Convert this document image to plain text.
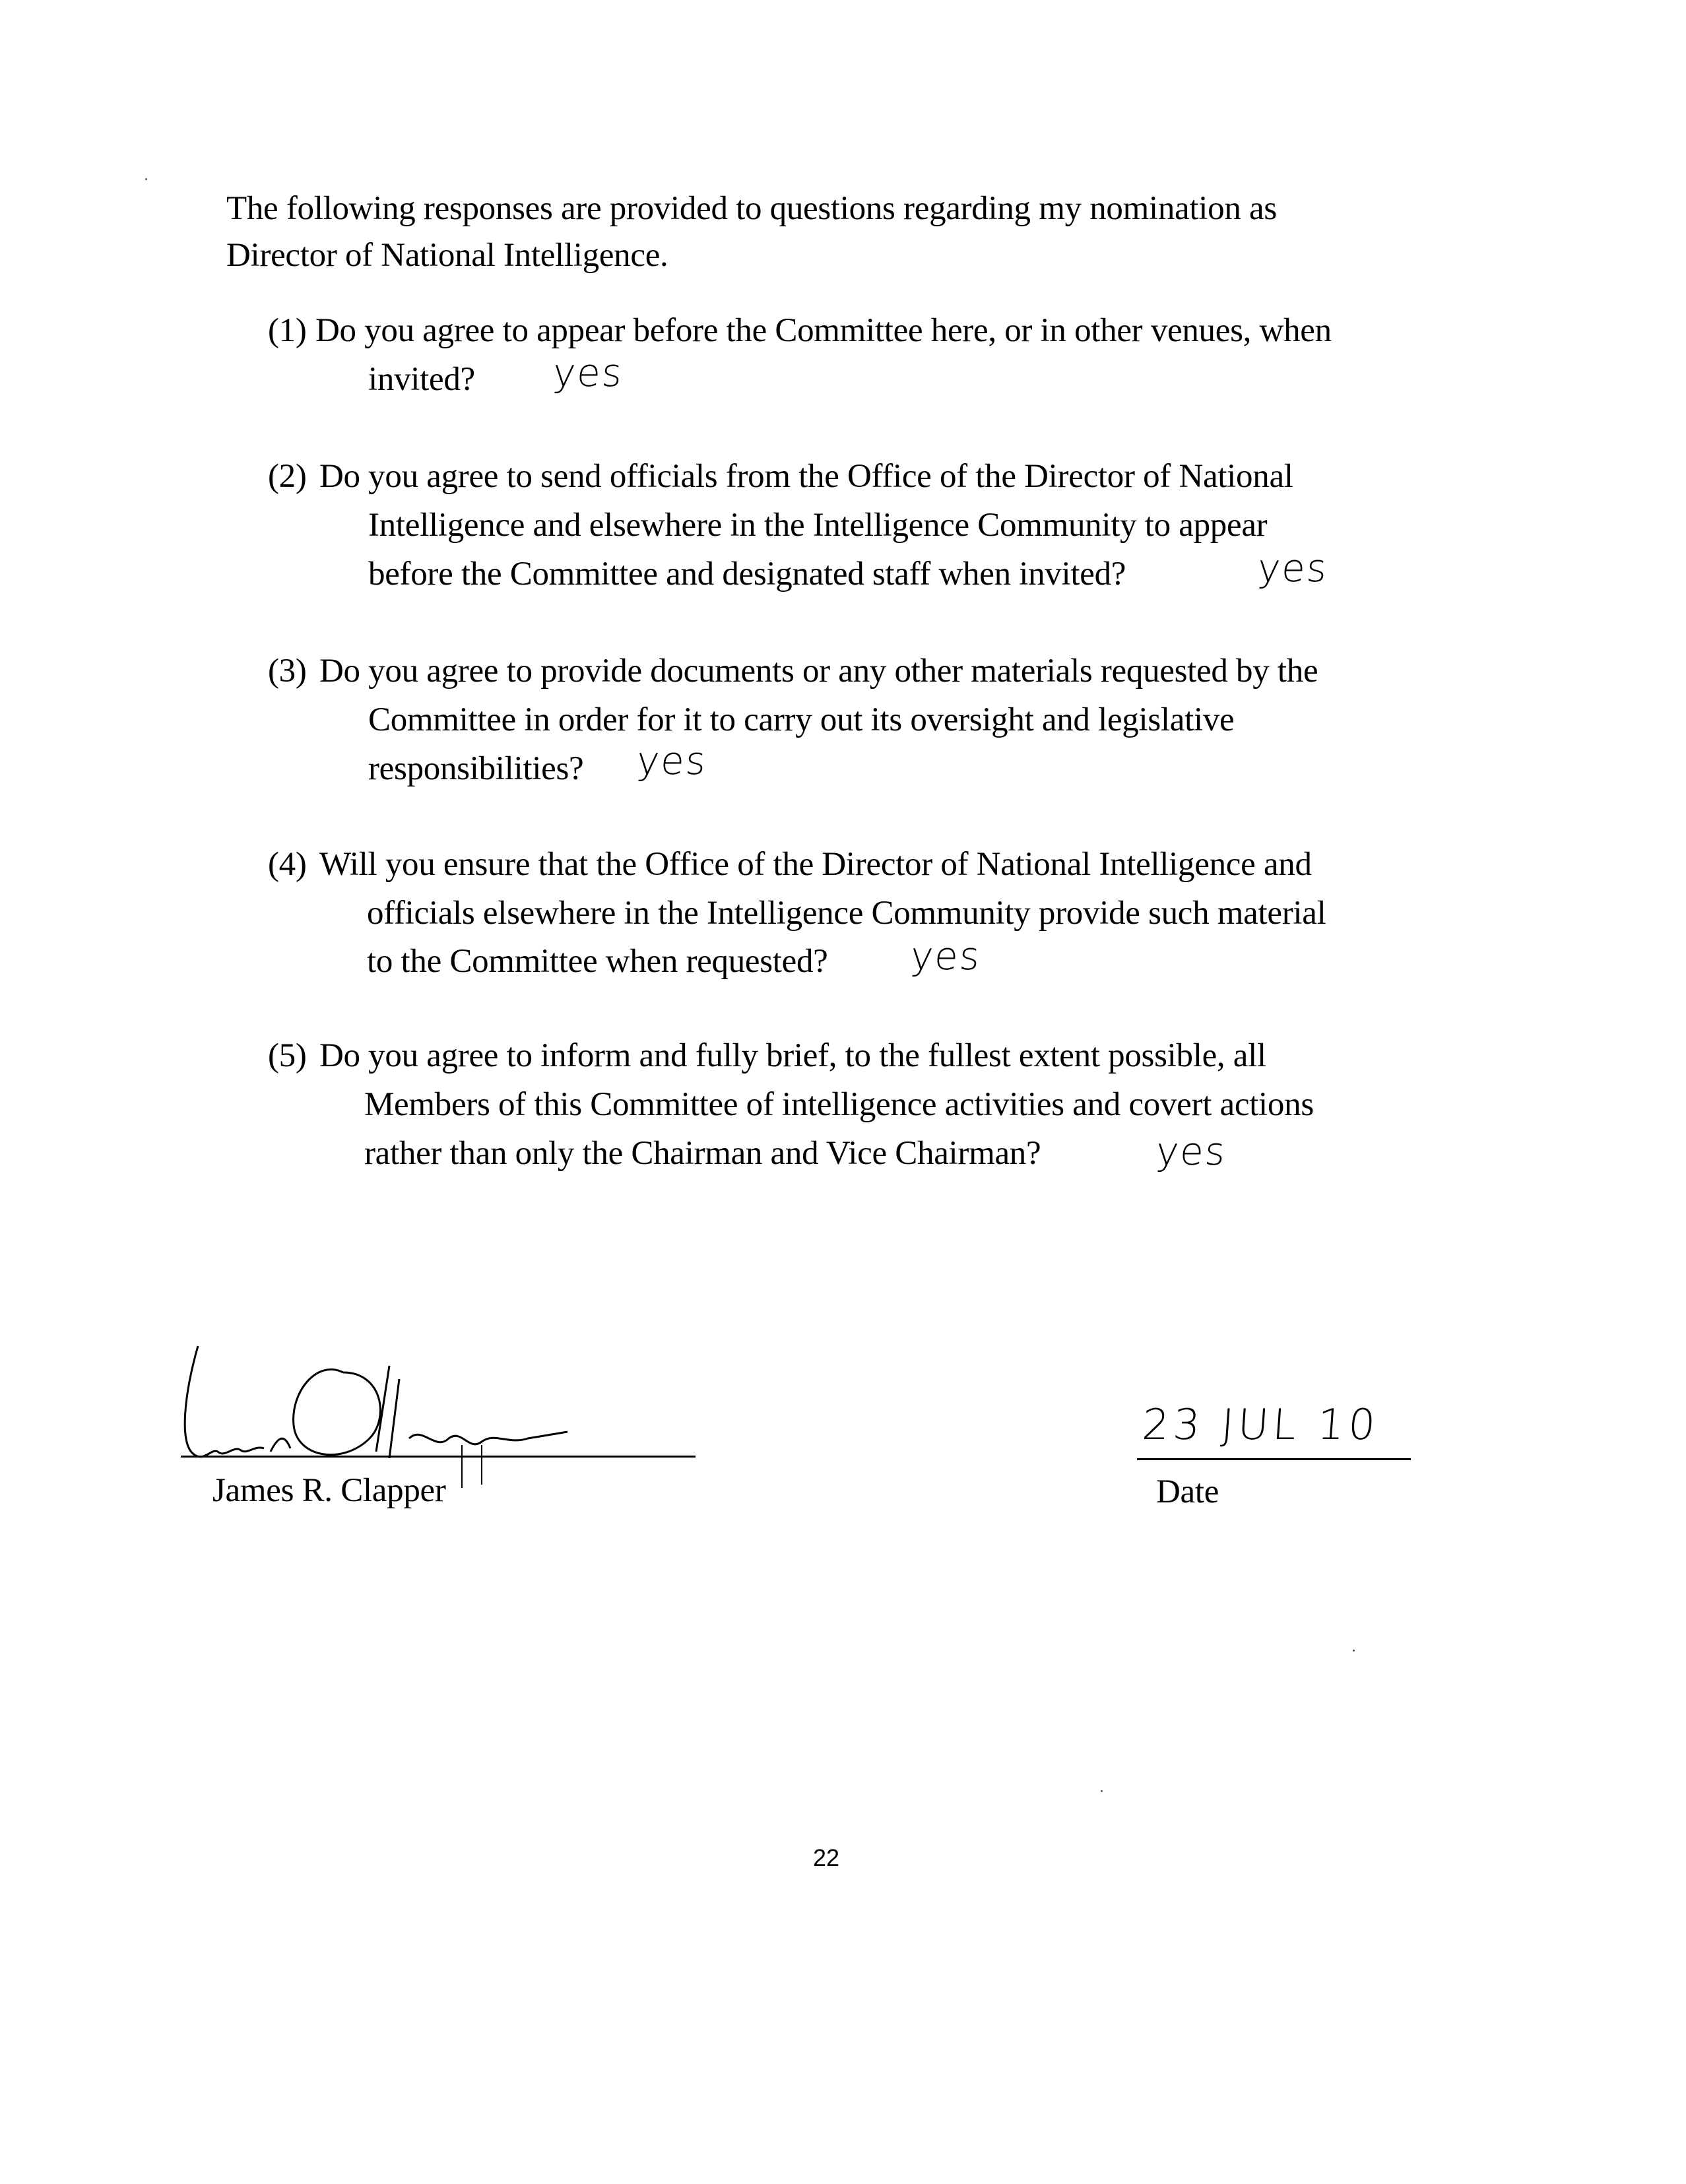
The following responses are provided to questions regarding my nomination as
Director of National Intelligence.
(1) Do you agree to appear before the Committee here, or in other venues, when
invited? yes
(2) Do you agree to send officials from the Office of the Director of National
Intelligence and elsewhere in the Intelligence Community to appear
before the Committee and designated staff when invited?	yes
(3) Do you agree to provide documents or any other materials requested by the
Committee in order for it to carry out its oversight and legislative
responsibilities? yes
(4) Will you ensure that the Office of the Director of National Intelligence and
officials elsewhere in the Intelligence Community provide such material
to the Committee when requested? yes
(5) Do you agree to inform and fully brief, to the fullest extent possible, all
Members of this Committee of intelligence activities and covert actions
rather than only the Chairman and Vice Chairman?	yes
James R. Clapper
23 JUL 10
Date
22
